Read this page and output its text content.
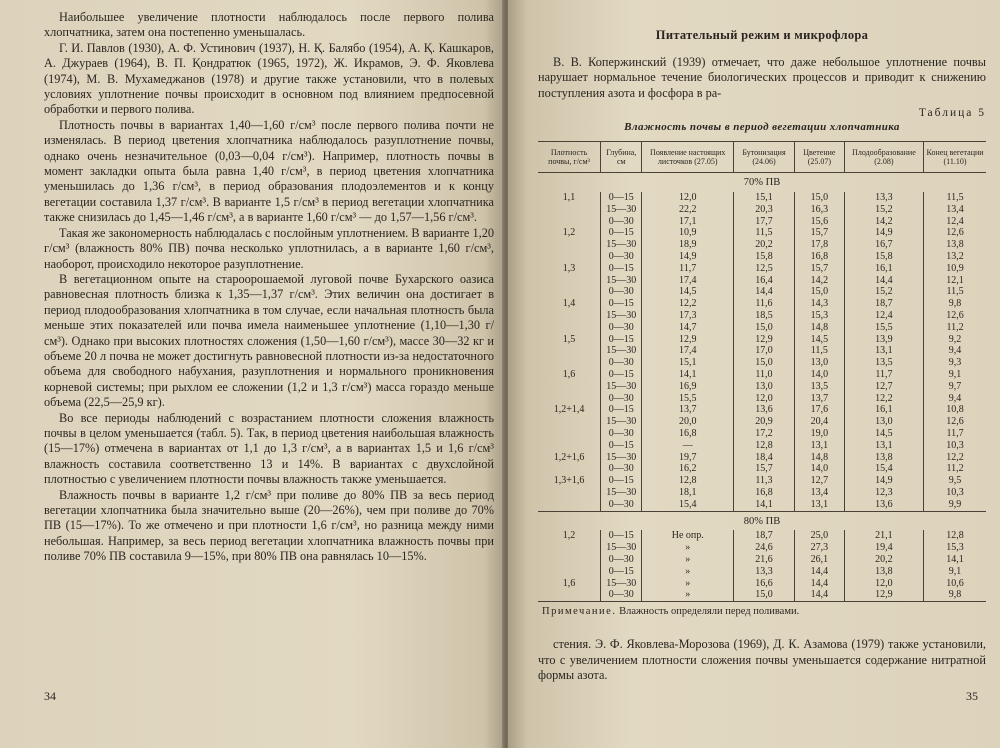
Наибольшее увеличение плотности наблюдалось после первого полива хлопчатника, затем она постепенно уменьшалась.

Г. И. Павлов (1930), А. Ф. Устинович (1937), Н. Қ. Балябо (1954), А. Қ. Кашкаров, А. Джураев (1964), В. П. Қондратюк (1965, 1972), Ж. Икрамов, Э. Ф. Яковлева (1974), М. В. Мухамеджанов (1978) и другие также установили, что в полевых условиях уплотнение почвы происходит в основном под влиянием предпосевной обработки и первого полива.

Плотность почвы в вариантах 1,40—1,60 г/см³ после первого полива почти не изменялась. В период цветения хлопчатника наблюдалось разуплотнение почвы, однако очень незначительное (0,03—0,04 г/см³). Например, плотность почвы в момент закладки опыта была равна 1,40 г/см³, в период цветения хлопчатника уменьшилась до 1,36 г/см³, в период образования плодоэлементов и к концу вегетации составила 1,37 г/см³. В варианте 1,5 г/см³ в период вегетации хлопчатника также снизилась до 1,45—1,46 г/см³, а в варианте 1,60 г/см³ — до 1,57—1,56 г/см³.

Такая же закономерность наблюдалась с послойным уплотнением. В варианте 1,20 г/см³ (влажность 80% ПВ) почва несколько уплотнилась, а в варианте 1,60 г/см³, наоборот, происходило некоторое разуплотнение.

В вегетационном опыте на староорошаемой луговой почве Бухарского оазиса равновесная плотность близка к 1,35—1,37 г/см³. Этих величин она достигает в период плодообразования хлопчатника в том случае, если начальная плотность была меньше этих показателей или почва имела наименьшее уплотнение (1,10—1,30 г/см³). Однако при высоких плотностях сложения (1,50—1,60 г/см³), массе 30—32 кг и объеме 20 л почва не может достигнуть равновесной плотности из-за недостаточного объема для свободного набухания, разуплотнения и нормального проникновения корневой системы; при рыхлом ее сложении (1,2 и 1,3 г/см³) масса гораздо меньше объема (22,5—25,9 кг).

Во все периоды наблюдений с возрастанием плотности сложения влажность почвы в целом уменьшается (табл. 5). Так, в период цветения наибольшая влажность (15—17%) отмечена в вариантах от 1,1 до 1,3 г/см³, а в вариантах 1,5 и 1,6 г/см³ влажность составила соответственно 13 и 14%. В вариантах с двухслойной плотностью с увеличением плотности почвы влажность также уменьшается.

Влажность почвы в варианте 1,2 г/см³ при поливе до 80% ПВ за весь период вегетации хлопчатника была значительно выше (20—26%), чем при поливе до 70% ПВ (15—17%). То же отмечено и при плотности 1,6 г/см³, но разница между ними небольшая. Например, за весь период вегетации хлопчатника влажность почвы при поливе 70% ПВ составила 9—15%, при 80% ПВ она равнялась 10—15%.

34

Питательный режим и микрофлора

В. В. Копержинский (1939) отмечает, что даже небольшое уплотнение почвы нарушает нормальное течение биологических процессов и приводит к снижению поступления азота и фосфора в ра-

Таблица 5

Влажность почвы в период вегетации хлопчатника

Плотность почвы, г/см³	Глубина, см	Появление настоящих листочков (27.05)	Бутонизация (24.06)	Цветение (25.07)	Плодообразование (2.08)	Конец вегетации (11.10)
70% ПВ						
1,1	0—15	12,0	15,1	15,0	13,3	11,5
	15—30	22,2	20,3	16,3	15,2	13,4
	0—30	17,1	17,7	15,6	14,2	12,4
1,2	0—15	10,9	11,5	15,7	14,9	12,6
	15—30	18,9	20,2	17,8	16,7	13,8
	0—30	14,9	15,8	16,8	15,8	13,2
1,3	0—15	11,7	12,5	15,7	16,1	10,9
	15—30	17,4	16,4	14,2	14,4	12,1
	0—30	14,5	14,4	15,0	15,2	11,5
1,4	0—15	12,2	11,6	14,3	18,7	9,8
	15—30	17,3	18,5	15,3	12,4	12,6
	0—30	14,7	15,0	14,8	15,5	11,2
1,5	0—15	12,9	12,9	14,5	13,9	9,2
	15—30	17,4	17,0	11,5	13,1	9,4
	0—30	15,1	15,0	13,0	13,5	9,3
1,6	0—15	14,1	11,0	14,0	11,7	9,1
	15—30	16,9	13,0	13,5	12,7	9,7
	0—30	15,5	12,0	13,7	12,2	9,4
1,2+1,4	0—15	13,7	13,6	17,6	16,1	10,8
	15—30	20,0	20,9	20,4	13,0	12,6
	0—30	16,8	17,2	19,0	14,5	11,7
	0—15	—	12,8	13,1	13,1	10,3
1,2+1,6	15—30	19,7	18,4	14,8	13,8	12,2
	0—30	16,2	15,7	14,0	15,4	11,2
1,3+1,6	0—15	12,8	11,3	12,7	14,9	9,5
	15—30	18,1	16,8	13,4	12,3	10,3
	0—30	15,4	14,1	13,1	13,6	9,9
80% ПВ						
1,2	0—15	Не опр.	18,7	25,0	21,1	12,8
	15—30	»	24,6	27,3	19,4	15,3
	0—30	»	21,6	26,1	20,2	14,1
	0—15	»	13,3	14,4	13,8	9,1
1,6	15—30	»	16,6	14,4	12,0	10,6
	0—30	»	15,0	14,4	12,9	9,8

Примечание. Влажность определяли перед поливами.

стения. Э. Ф. Яковлева-Морозова (1969), Д. К. Азамова (1979) также установили, что с увеличением плотности сложения почвы уменьшается содержание нитратной формы азота.

35
